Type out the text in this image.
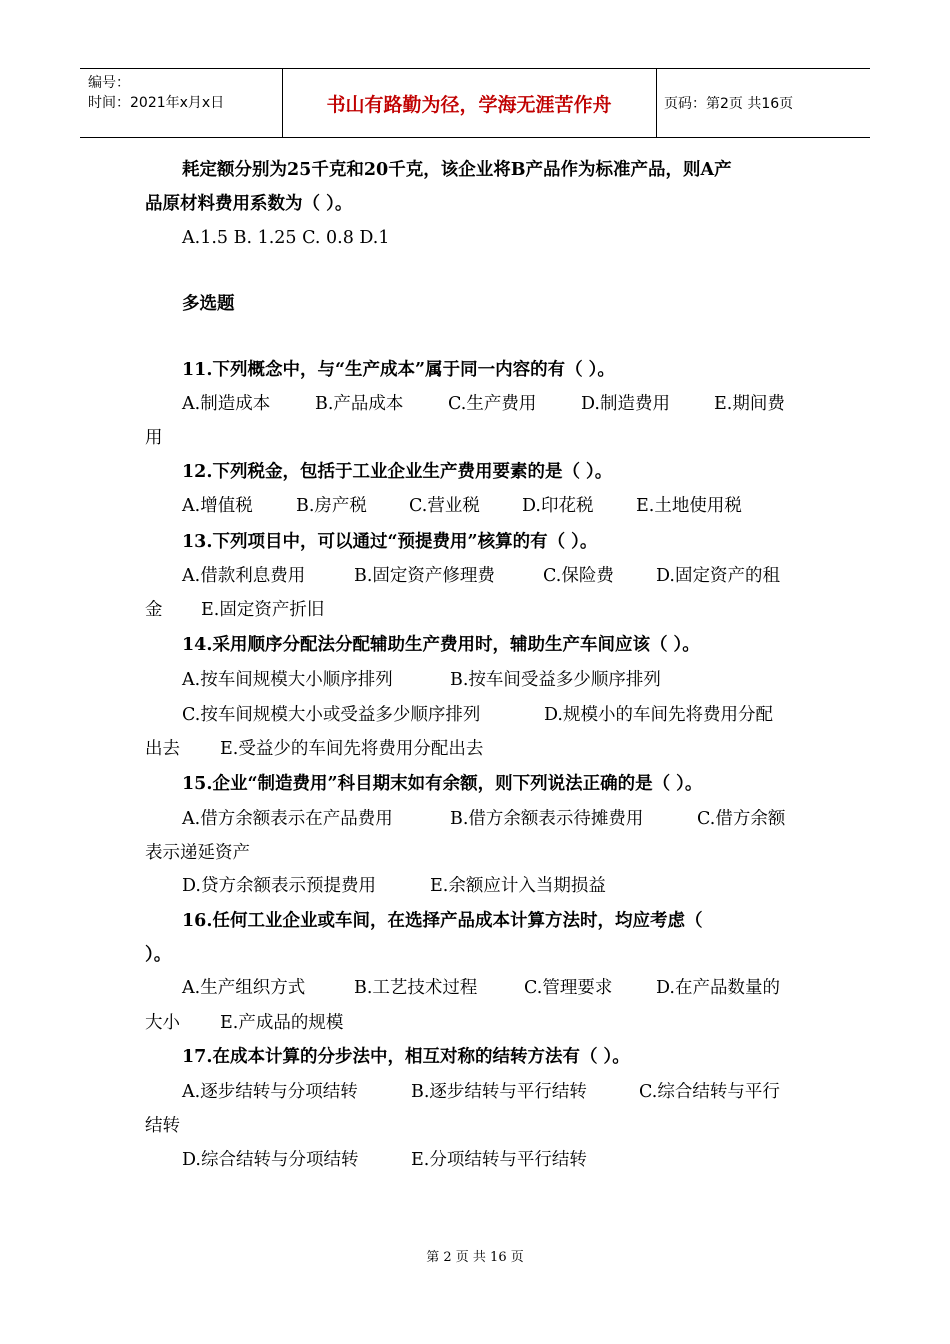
编号：
时间：2021年x月x日	书山有路勤为径，学海无涯苦作舟	页码：第2页 共16页
耗定额分别为25千克和20千克，该企业将B产品作为标准产品，则A产
品原材料费用系数为（ ）。
A.1.5 B. 1.25 C. 0.8 D.1
多选题
11.下列概念中，与“生产成本”属于同一内容的有（ ）。
A.制造成本	B.产品成本	C.生产费用	D.制造费用	E.期间费
用
12.下列税金，包括于工业企业生产费用要素的是（ ）。
A.增值税 B.房产税 C.营业税 D.印花税 E.土地使用税
13.下列项目中，可以通过“预提费用”核算的有（ ）。
A.借款利息费用	B.固定资产修理费	C.保险费 D.固定资产的租
金 E.固定资产折旧
14.采用顺序分配法分配辅助生产费用时，辅助生产车间应该（ ）。
A.按车间规模大小顺序排列	B.按车间受益多少顺序排列
C.按车间规模大小或受益多少顺序排列	D.规模小的车间先将费用分配
出去 E.受益少的车间先将费用分配出去
15.企业“制造费用”科目期末如有余额，则下列说法正确的是（ ）。
A.借方余额表示在产品费用	B.借方余额表示待摊费用	C.借方余额
表示递延资产
D.贷方余额表示预提费用	E.余额应计入当期损益
16.任何工业企业或车间，在选择产品成本计算方法时，均应考虑（
）。
A.生产组织方式	B.工艺技术过程	C.管理要求 D.在产品数量的
大小 E.产成品的规模
17.在成本计算的分步法中，相互对称的结转方法有（ ）。
A.逐步结转与分项结转	B.逐步结转与平行结转	C.综合结转与平行
结转
D.综合结转与分项结转	E.分项结转与平行结转
第 2 页 共 16 页
